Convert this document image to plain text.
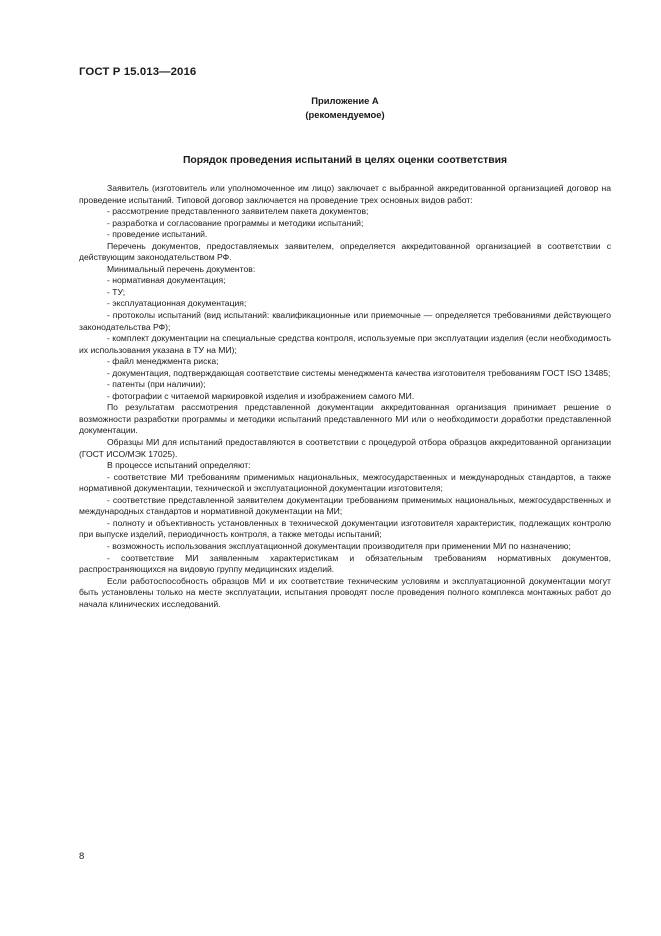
ГОСТ Р 15.013—2016
Приложение А
(рекомендуемое)
Порядок проведения испытаний в целях оценки соответствия

Заявитель (изготовитель или уполномоченное им лицо) заключает с выбранной аккредитованной организацией договор на проведение испытаний. Типовой договор заключается на проведение трех основных видов работ:

- рассмотрение представленного заявителем пакета документов;

- разработка и согласование программы и методики испытаний;

- проведение испытаний.

Перечень документов, предоставляемых заявителем, определяется аккредитованной организацией в соответствии с действующим законодательством РФ.

Минимальный перечень документов:

- нормативная документация;

- ТУ;

- эксплуатационная документация;

- протоколы испытаний (вид испытаний: квалификационные или приемочные — определяется требованиями действующего законодательства РФ);

- комплект документации на специальные средства контроля, используемые при эксплуатации изделия (если необходимость их использования указана в ТУ на МИ);

- файл менеджмента риска;

- документация, подтверждающая соответствие системы менеджмента качества изготовителя требованиям ГОСТ ISO 13485;

- патенты (при наличии);

- фотографии с читаемой маркировкой изделия и изображением самого МИ.

По результатам рассмотрения представленной документации аккредитованная организация принимает решение о возможности разработки программы и методики испытаний представленного МИ или о необходимости доработки представленной документации.

Образцы МИ для испытаний предоставляются в соответствии с процедурой отбора образцов аккредитованной организации (ГОСТ ИСО/МЭК 17025).

В процессе испытаний определяют:

- соответствие МИ требованиям применимых национальных, межгосударственных и международных стандартов, а также нормативной документации, технической и эксплуатационной документации изготовителя;

- соответствие представленной заявителем документации требованиям применимых национальных, межгосударственных и международных стандартов и нормативной документации на МИ;

- полноту и объективность установленных в технической документации изготовителя характеристик, подлежащих контролю при выпуске изделий, периодичность контроля, а также методы испытаний;

- возможность использования эксплуатационной документации производителя при применении МИ по назначению;

- соответствие МИ заявленным характеристикам и обязательным требованиям нормативных документов, распространяющихся на видовую группу медицинских изделий.

Если работоспособность образцов МИ и их соответствие техническим условиям и эксплуатационной документации могут быть установлены только на месте эксплуатации, испытания проводят после проведения полного комплекса монтажных работ до начала клинических исследований.

8
